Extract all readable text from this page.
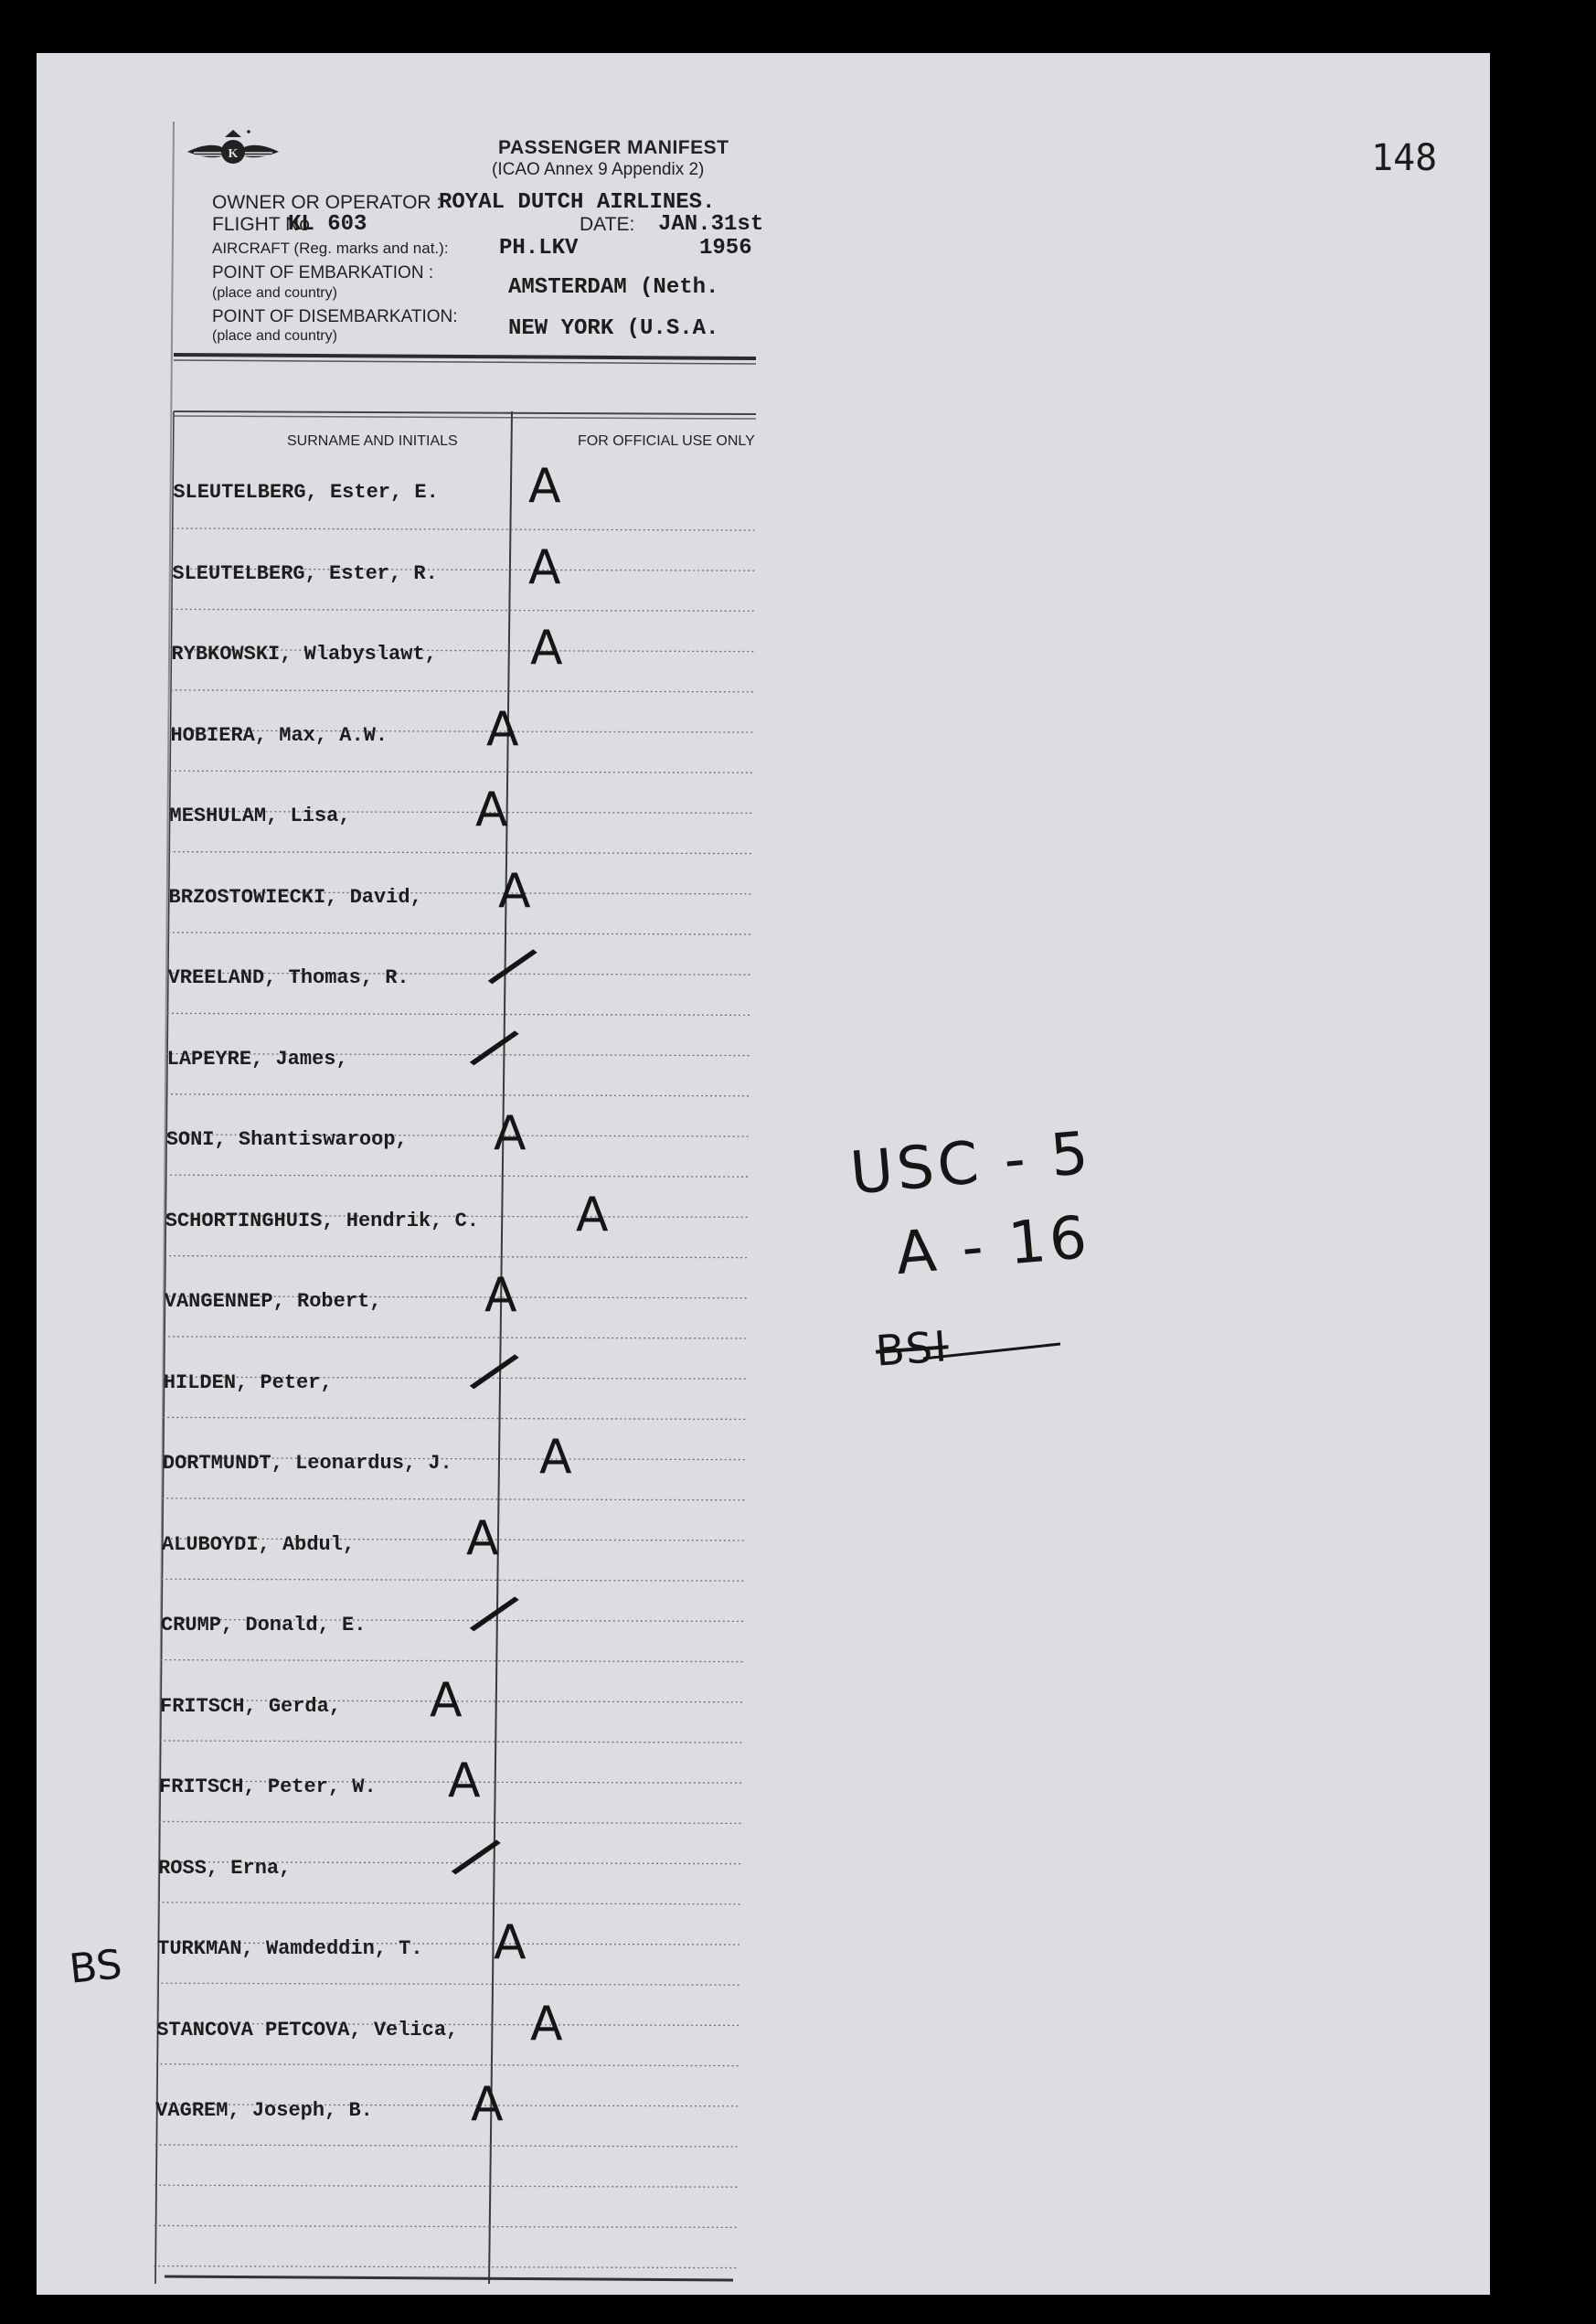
148
K	PASSENGER MANIFEST
(ICAO Annex 9 Appendix 2)
OWNER OR OPERATOR :
ROYAL DUTCH AIRLINES.
FLIGHT No
KL 603	DATE: JAN.31st
AIRCRAFT (Reg. marks and nat.): PH.LKV	1956
POINT OF EMBARKATION :
(place and country)	AMSTERDAM (Neth.
POINT OF DISEMBARKATION:
(place and country)	NEW YORK (U.S.A.
SURNAME AND INITIALS	FOR OFFICIAL USE ONLY
SLEUTELBERG, Ester, E. A
SLEUTELBERG, Ester, R. A
RYBKOWSKI, Wlabyslawt, A
HOBIERA, Max, A.W. A
MESHULAM, Lisa,	A
BRZOSTOWIECKI, David, A
VREELAND, Thomas, R. /
LAPEYRE, James, /
SONI, Shantiswaroop, A
SCHORTINGHUIS, Hendrik, C. A
VANGENNEP, Robert, A
HILDEN, Peter, /
DORTMUNDT, Leonardus, J. A
ALUBOYDI, Abdul, A
CRUMP, Donald, E. /
FRITSCH, Gerda, A
FRITSCH, Peter, W. A
ROSS, Erna, /
TURKMAN, Wamdeddin, T. A
STANCOVA PETCOVA, Velica, A
VAGREM, Joseph, B. A
BS
USC - 5
A - 16
BSI
